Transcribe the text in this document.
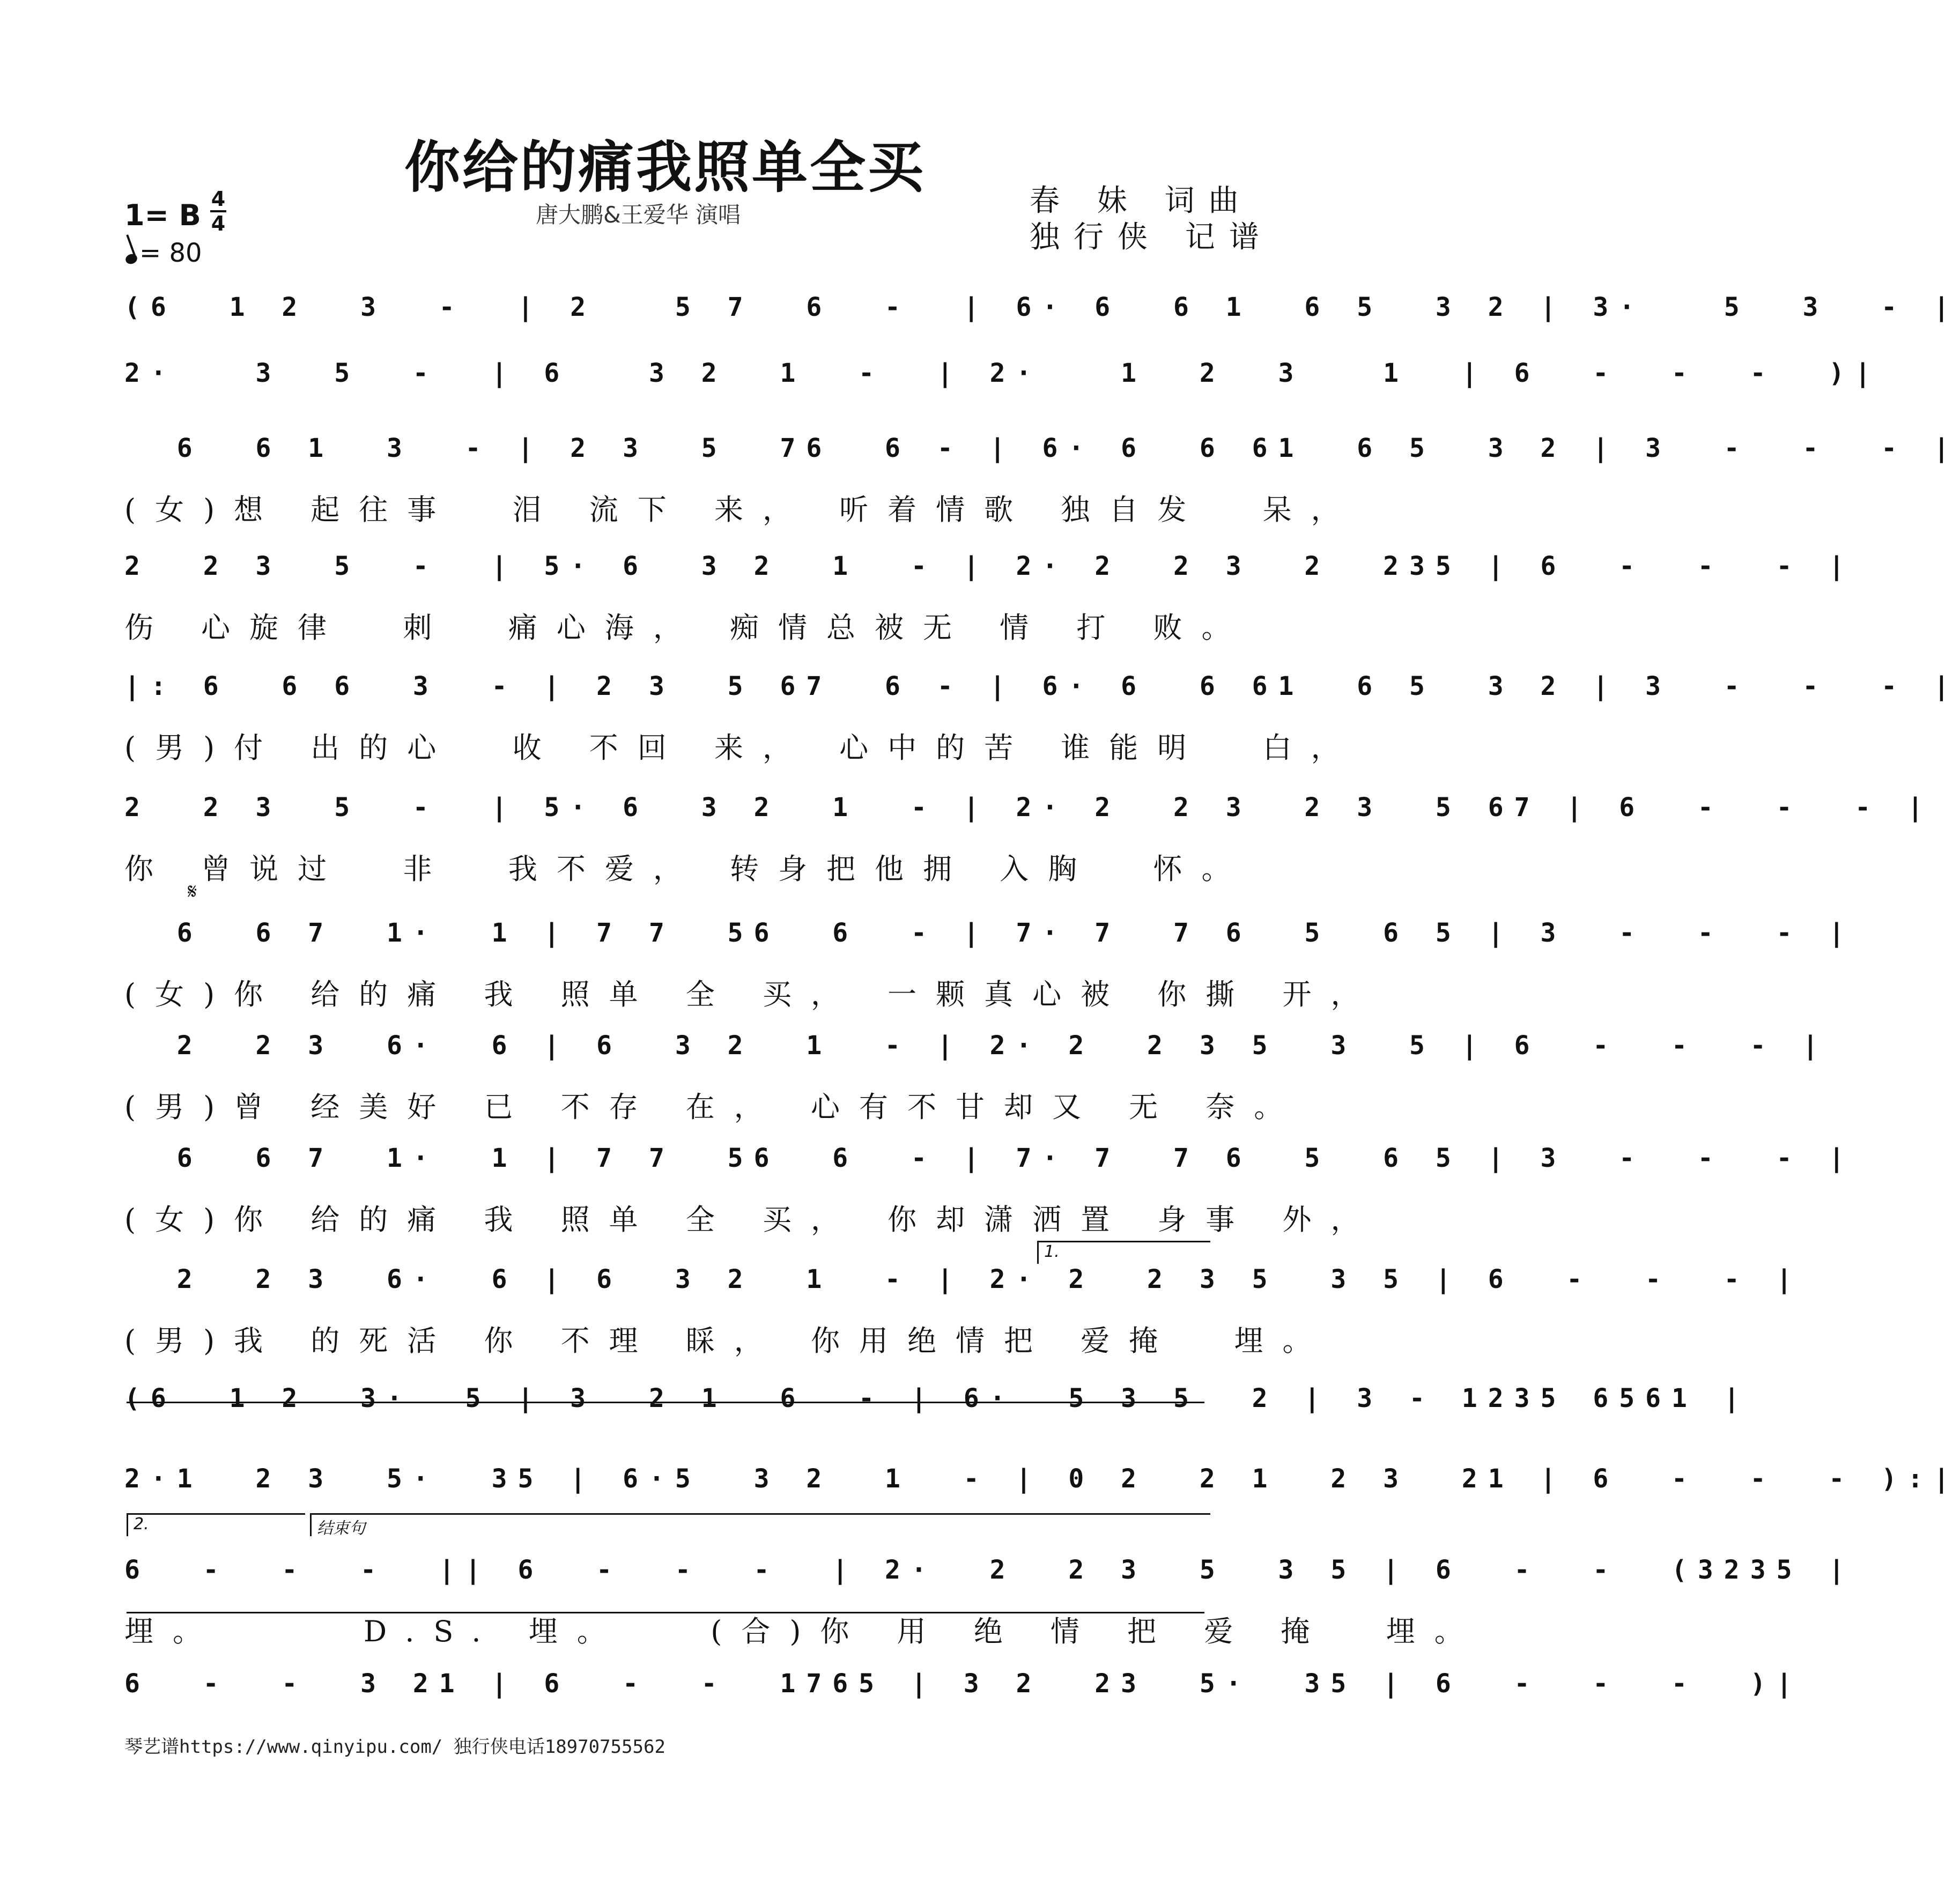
你给的痛我照单全买
唐大鹏&王爱华 演唱	春 妹 词曲
独行侠 记谱
1= B 4
4
= 80
(6  1 2  3  -  | 2   5 7  6  -  | 6· 6  6 1  6 5  3 2 | 3·   5  3  - |
2·   3  5  -  | 6   3 2  1  -  | 2·   1  2  3   1  | 6  -  -  -  )|
6  6 1  3  - | 2 3  5  76  6 - | 6· 6  6 61  6 5  3 2 | 3  -  -  - |
(女)想 起往事  泪 流下 来， 听着情歌 独自发  呆，
2  2 3  5  -  | 5· 6  3 2  1  - | 2· 2  2 3  2  235 | 6  -  -  - |
伤 心旋律  刺  痛心海， 痴情总被无 情 打 败。
|: 6  6 6  3  - | 2 3  5 67  6 - | 6· 6  6 61  6 5  3 2 | 3  -  -  - |
(男)付 出的心  收 不回 来， 心中的苦 谁能明  白，
2  2 3  5  -  | 5· 6  3 2  1  - | 2· 2  2 3  2 3  5 67 | 6  -  -  - |
你 曾说过  非  我不爱， 转身把他拥 入胸  怀。
𝄋
6  6 7  1·  1 | 7 7  56  6  - | 7· 7  7 6  5  6 5 | 3  -  -  - |
(女)你 给的痛 我 照单 全 买， 一颗真心被 你撕 开，
2  2 3  6·  6 | 6  3 2  1  - | 2· 2  2 3 5  3  5 | 6  -  -  - |
(男)曾 经美好 已 不存 在， 心有不甘却又 无 奈。
6  6 7  1·  1 | 7 7  56  6  - | 7· 7  7 6  5  6 5 | 3  -  -  - |
(女)你 给的痛 我 照单 全 买， 你却潇洒置 身事 外，
1.
2  2 3  6·  6 | 6  3 2  1  - | 2· 2  2 3 5  3 5 | 6  -  -  - |
(男)我 的死活 你 不理 睬， 你用绝情把 爱掩  埋。
(6  1 2  3·  5 | 3  2 1  6  - | 6·  5 3 5  2 | 3 - 1235 6561 |
2·1  2 3  5·  35 | 6·5  3 2  1  - | 0 2  2 1  2 3  21 | 6  -  -  - ):|
2.	结束句
6  -  -  -  || 6  -  -  -  | 2·  2  2 3  5  3 5 | 6  -  -  (3235 |
埋。     D.S. 埋。   (合)你 用 绝 情 把 爱 掩  埋。
6  -  -  3 21 | 6  -  -  1765 | 3 2  23  5·  35 | 6  -  -  -  )|
琴艺谱https://www.qinyipu.com/ 独行侠电话18970755562
